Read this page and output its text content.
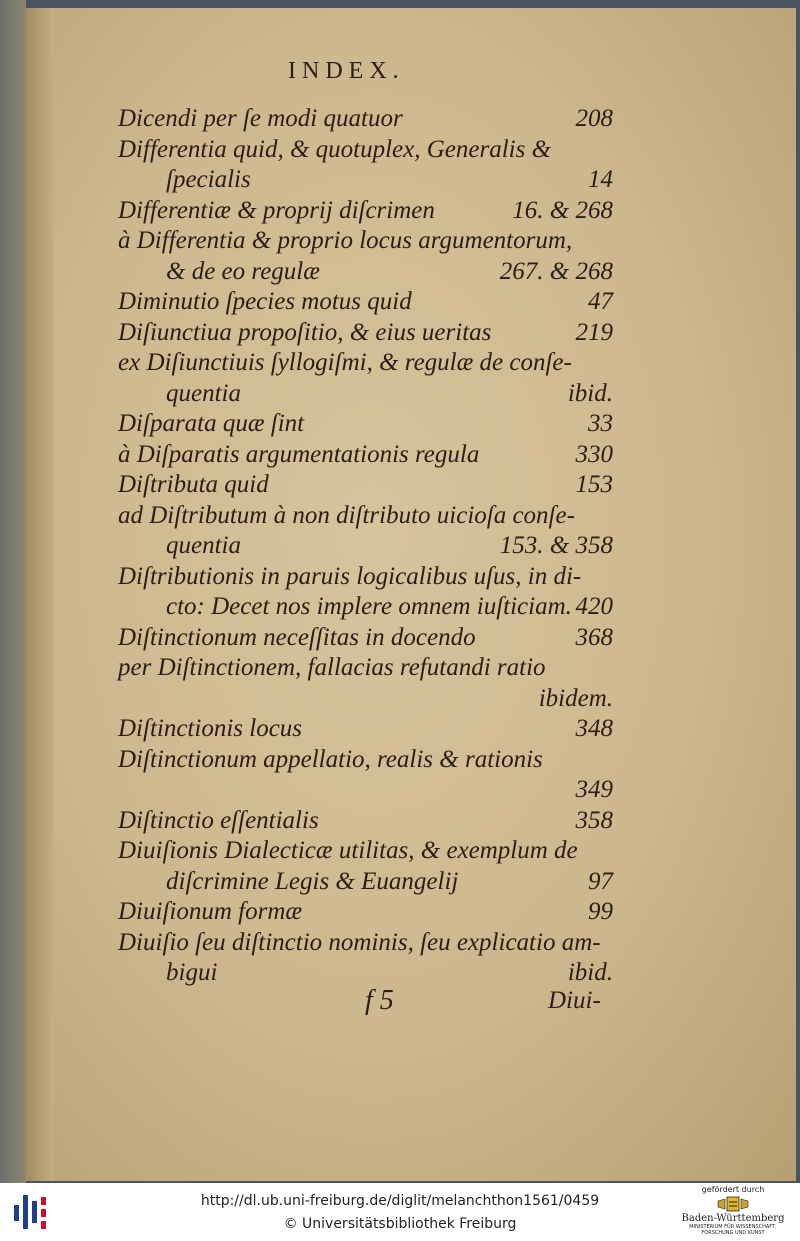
INDEX.
Dicendi per ſe modi quatuor	208
Differentia quid, & quotuplex, Generalis &
ſpecialis	14
Differentiæ & proprij diſcrimen	16. & 268
à Differentia & proprio locus argumentorum,
& de eo regulæ	267. & 268
Diminutio ſpecies motus quid	47
Diſiunctiua propoſitio, & eius ueritas	219
ex Diſiunctiuis ſyllogiſmi, & regulæ de conſe-
quentia	ibid.
Diſparata quæ ſint	33
à Diſparatis argumentationis regula	330
Diſtributa quid	153
ad Diſtributum à non diſtributo uicioſa conſe-
quentia	153. & 358
Diſtributionis in paruis logicalibus uſus, in di-
cto: Decet nos implere omnem iuſticiam. 420
Diſtinctionum neceſſitas in docendo	368
per Diſtinctionem, fallacias refutandi ratio
ibidem.
Diſtinctionis locus	348
Diſtinctionum appellatio, realis & rationis
349
Diſtinctio eſſentialis	358
Diuiſionis Dialecticæ utilitas, & exemplum de
diſcrimine Legis & Euangelij	97
Diuiſionum formæ	99
Diuiſio ſeu diſtinctio nominis, ſeu explicatio am-
bigui	ibid.
f 5	Diui-
http://dl.ub.uni-freiburg.de/diglit/melanchthon1561/0459
© Universitätsbibliothek Freiburg
gefördert durch
Baden-Württemberg
MINISTERIUM FÜR WISSENSCHAFT, FORSCHUNG UND KUNST
